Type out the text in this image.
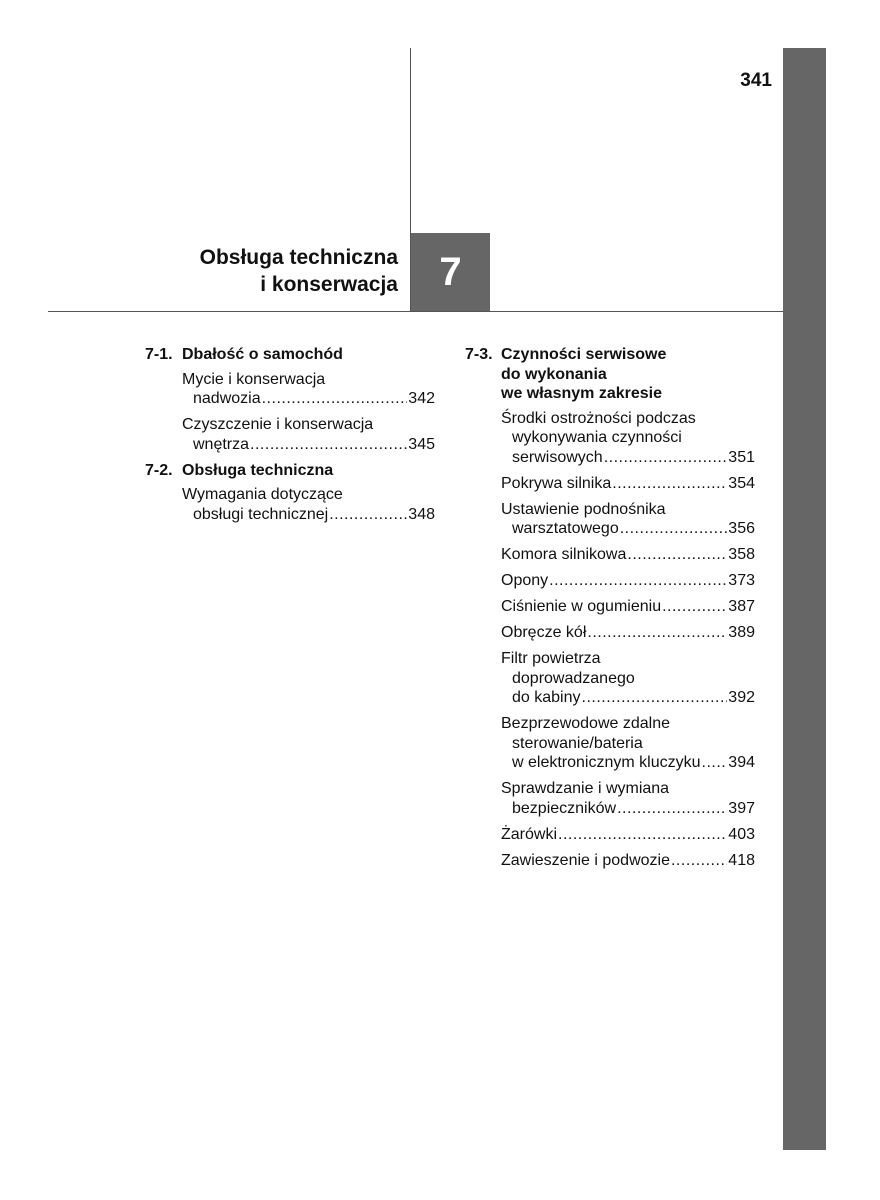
341
Obsługa techniczna
i konserwacja	7
7-1. Dbałość o samochód
Mycie i konserwacja
nadwozia .....	342
Czyszczenie i konserwacja
wnętrza .....	345
7-2. Obsługa techniczna
Wymagania dotyczące
obsługi technicznej .....	348
7-3. Czynności serwisowe
do wykonania
we własnym zakresie
Środki ostrożności podczas
wykonywania czynności
serwisowych .....	351
Pokrywa silnika .....	354
Ustawienie podnośnika
warsztatowego .....	356
Komora silnikowa .....	358
Opony .....	373
Ciśnienie w ogumieniu .....	387
Obręcze kół .....	389
Filtr powietrza
doprowadzanego
do kabiny .....	392
Bezprzewodowe zdalne
sterowanie/bateria
w elektronicznym kluczyku ..... 394
Sprawdzanie i wymiana
bezpieczników .....	397
Żarówki .....	403
Zawieszenie i podwozie .....	418
